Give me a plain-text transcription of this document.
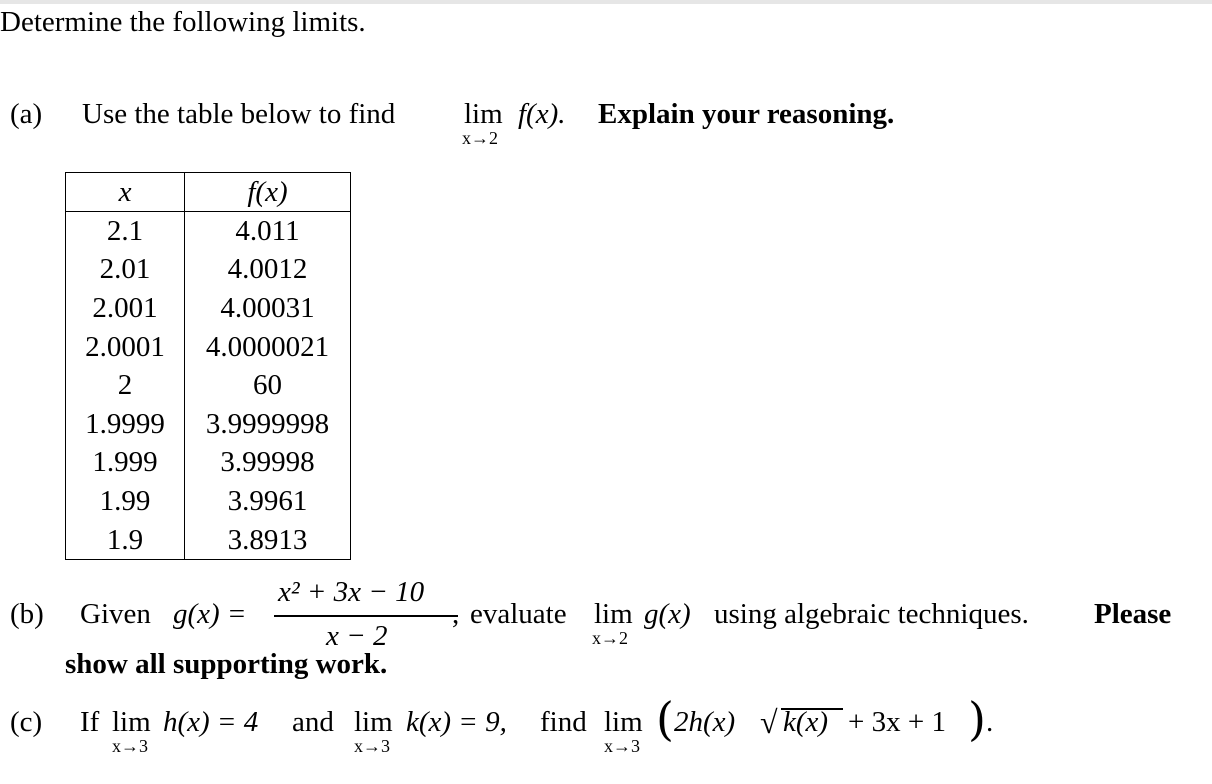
Determine the following limits.
(a) Use the table below to find lim
x→2
f(x). Explain your reasoning.
x	f(x)
2.1	4.011
2.01	4.0012
2.001	4.00031
2.0001	4.0000021
2	60
1.9999	3.9999998
1.999	3.99998
1.99	3.9961
1.9	3.8913
(b) Given g(x) =
x² + 3x − 10
x − 2
, evaluate lim
x→2
g(x) using algebraic techniques. Please
show all supporting work.
(c) If lim
x→3
h(x) = 4 and lim
x→3
k(x) = 9, find lim
x→3 ( 2h(x) √ k(x) + 3x + 1 ) .
